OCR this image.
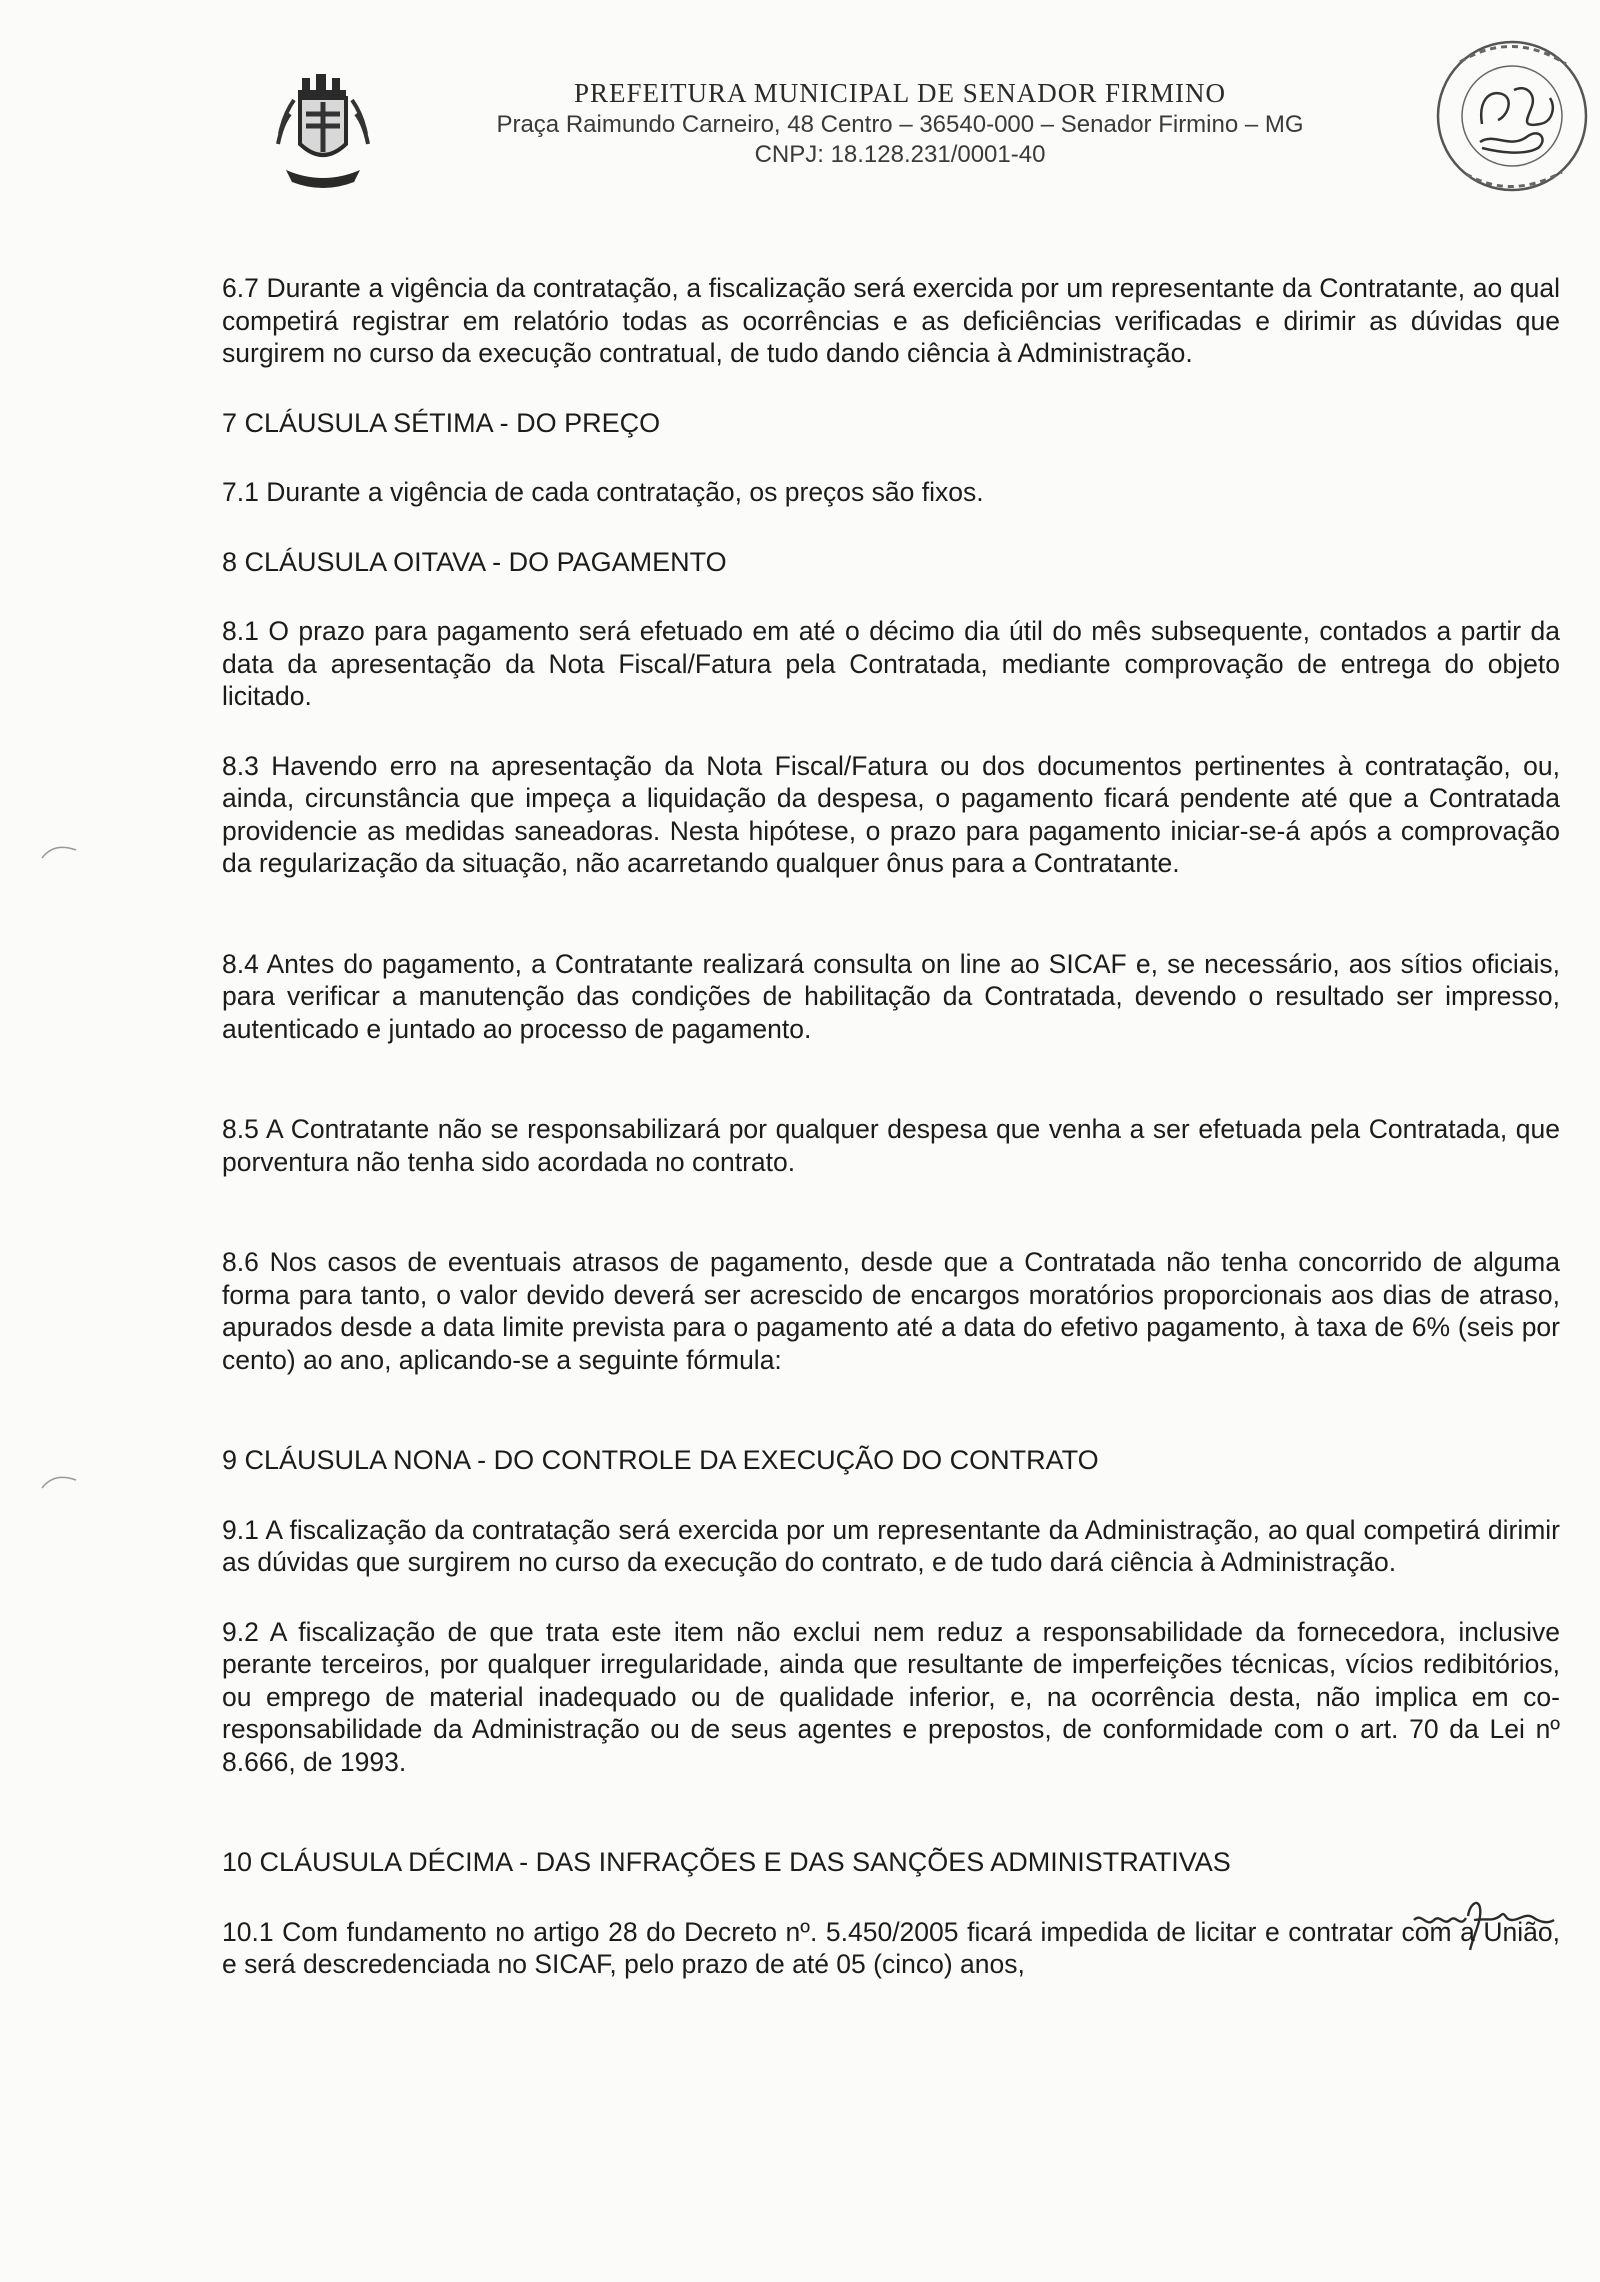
PREFEITURA MUNICIPAL DE SENADOR FIRMINO
Praça Raimundo Carneiro, 48 Centro – 36540-000 – Senador Firmino – MG
CNPJ: 18.128.231/0001-40

6.7 Durante a vigência da contratação, a fiscalização será exercida por um representante da Contratante, ao qual competirá registrar em relatório todas as ocorrências e as deficiências verificadas e dirimir as dúvidas que surgirem no curso da execução contratual, de tudo dando ciência à Administração.

7 CLÁUSULA SÉTIMA - DO PREÇO

7.1 Durante a vigência de cada contratação, os preços são fixos.

8 CLÁUSULA OITAVA - DO PAGAMENTO

8.1 O prazo para pagamento será efetuado em até o décimo dia útil do mês subsequente, contados a partir da data da apresentação da Nota Fiscal/Fatura pela Contratada, mediante comprovação de entrega do objeto licitado.

8.3 Havendo erro na apresentação da Nota Fiscal/Fatura ou dos documentos pertinentes à contratação, ou, ainda, circunstância que impeça a liquidação da despesa, o pagamento ficará pendente até que a Contratada providencie as medidas saneadoras. Nesta hipótese, o prazo para pagamento iniciar-se-á após a comprovação da regularização da situação, não acarretando qualquer ônus para a Contratante.

8.4 Antes do pagamento, a Contratante realizará consulta on line ao SICAF e, se necessário, aos sítios oficiais, para verificar a manutenção das condições de habilitação da Contratada, devendo o resultado ser impresso, autenticado e juntado ao processo de pagamento.

8.5 A Contratante não se responsabilizará por qualquer despesa que venha a ser efetuada pela Contratada, que porventura não tenha sido acordada no contrato.

8.6 Nos casos de eventuais atrasos de pagamento, desde que a Contratada não tenha concorrido de alguma forma para tanto, o valor devido deverá ser acrescido de encargos moratórios proporcionais aos dias de atraso, apurados desde a data limite prevista para o pagamento até a data do efetivo pagamento, à taxa de 6% (seis por cento) ao ano, aplicando-se a seguinte fórmula:

9 CLÁUSULA NONA - DO CONTROLE DA EXECUÇÃO DO CONTRATO

9.1 A fiscalização da contratação será exercida por um representante da Administração, ao qual competirá dirimir as dúvidas que surgirem no curso da execução do contrato, e de tudo dará ciência à Administração.

9.2 A fiscalização de que trata este item não exclui nem reduz a responsabilidade da fornecedora, inclusive perante terceiros, por qualquer irregularidade, ainda que resultante de imperfeições técnicas, vícios redibitórios, ou emprego de material inadequado ou de qualidade inferior, e, na ocorrência desta, não implica em co-responsabilidade da Administração ou de seus agentes e prepostos, de conformidade com o art. 70 da Lei nº 8.666, de 1993.

10 CLÁUSULA DÉCIMA - DAS INFRAÇÕES E DAS SANÇÕES ADMINISTRATIVAS

10.1 Com fundamento no artigo 28 do Decreto nº. 5.450/2005 ficará impedida de licitar e contratar com a União, e será descredenciada no SICAF, pelo prazo de até 05 (cinco) anos,
